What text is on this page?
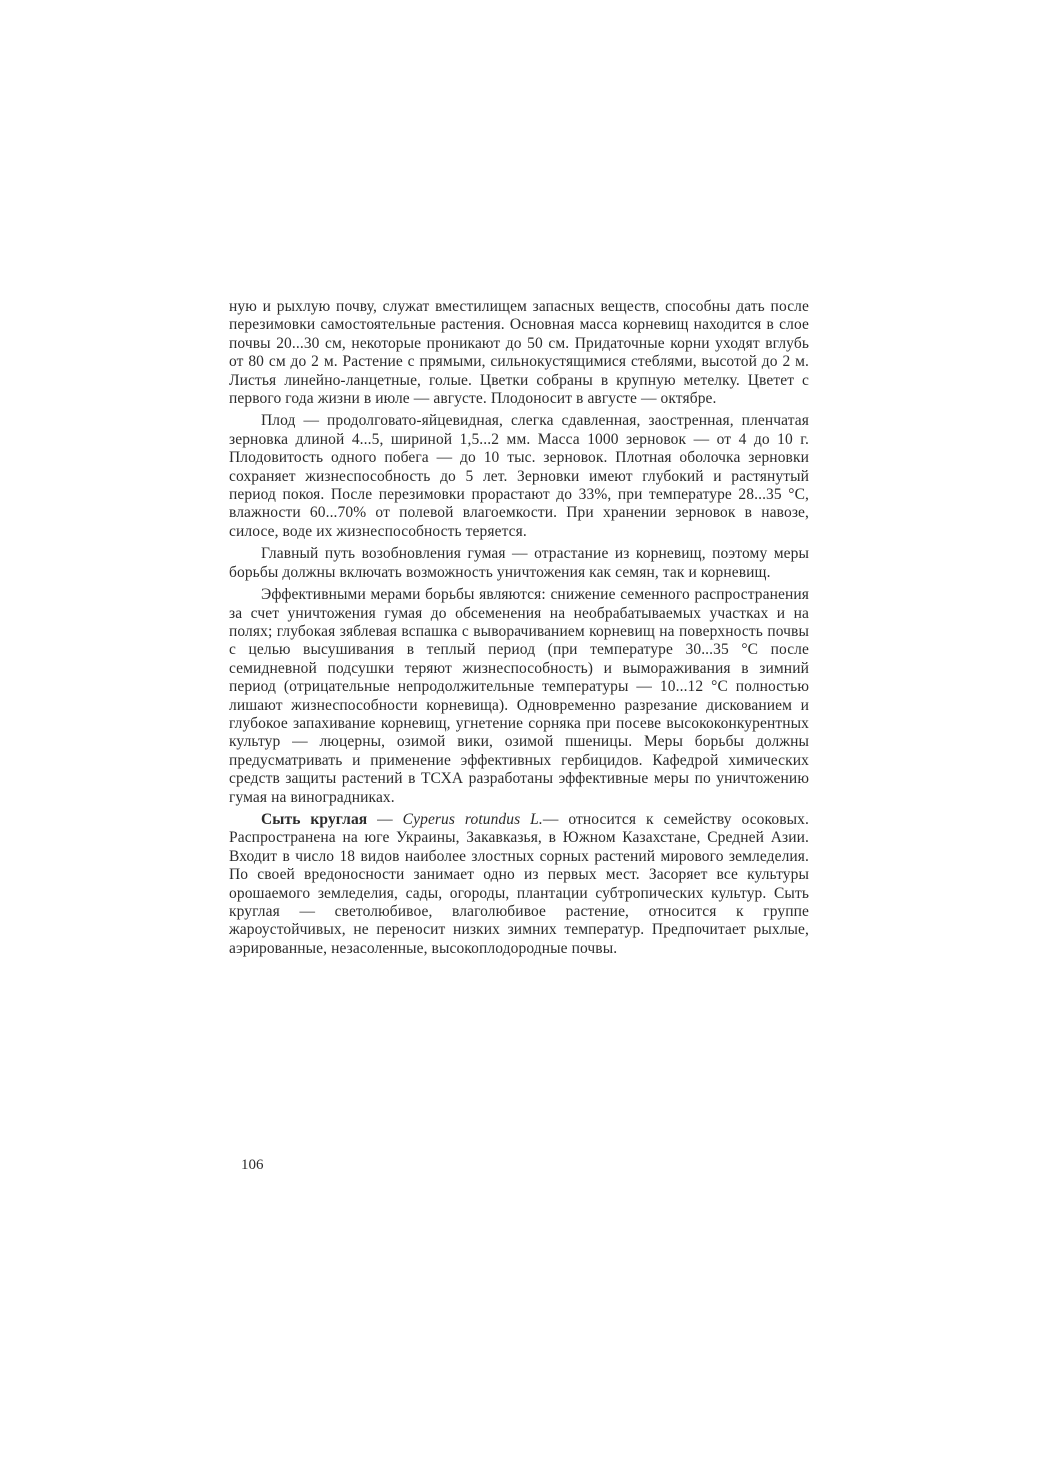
ную и рыхлую почву, служат вместилищем запасных веществ, способны дать после перезимовки самостоятельные растения. Основная масса корневищ находится в слое почвы 20...30 см, некоторые проникают до 50 см. Придаточные корни уходят вглубь от 80 см до 2 м. Растение с прямыми, сильнокустящимися стеблями, высотой до 2 м. Листья линейно-ланцетные, голые. Цветки собраны в крупную метелку. Цветет с первого года жизни в июле — августе. Плодоносит в августе — октябре.

Плод — продолговато-яйцевидная, слегка сдавленная, заостренная, пленчатая зерновка длиной 4...5, шириной 1,5...2 мм. Масса 1000 зерновок — от 4 до 10 г. Плодовитость одного побега — до 10 тыс. зерновок. Плотная оболочка зерновки сохраняет жизнеспособность до 5 лет. Зерновки имеют глубокий и растянутый период покоя. После перезимовки прорастают до 33%, при температуре 28...35 °С, влажности 60...70% от полевой влагоемкости. При хранении зерновок в навозе, силосе, воде их жизнеспособность теряется.

Главный путь возобновления гумая — отрастание из корневищ, поэтому меры борьбы должны включать возможность уничтожения как семян, так и корневищ.

Эффективными мерами борьбы являются: снижение семенного распространения за счет уничтожения гумая до обсеменения на необрабатываемых участках и на полях; глубокая зяблевая вспашка с выворачиванием корневищ на поверхность почвы с целью высушивания в теплый период (при температуре 30...35 °С после семидневной подсушки теряют жизнеспособность) и вымораживания в зимний период (отрицательные непродолжительные температуры — 10...12 °С полностью лишают жизнеспособности корневища). Одновременно разрезание дискованием и глубокое запахивание корневищ, угнетение сорняка при посеве высококонкурентных культур — люцерны, озимой вики, озимой пшеницы. Меры борьбы должны предусматривать и применение эффективных гербицидов. Кафедрой химических средств защиты растений в ТСХА разработаны эффективные меры по уничтожению гумая на виноградниках.

Сыть круглая — Cyperus rotundus L.— относится к семейству осоковых. Распространена на юге Украины, Закавказья, в Южном Казахстане, Средней Азии. Входит в число 18 видов наиболее злостных сорных растений мирового земледелия. По своей вредоносности занимает одно из первых мест. Засоряет все культуры орошаемого земледелия, сады, огороды, плантации субтропических культур. Сыть круглая — светолюбивое, влаголюбивое растение, относится к группе жароустойчивых, не переносит низких зимних температур. Предпочитает рыхлые, аэрированные, незасоленные, высокоплодородные почвы.

106
